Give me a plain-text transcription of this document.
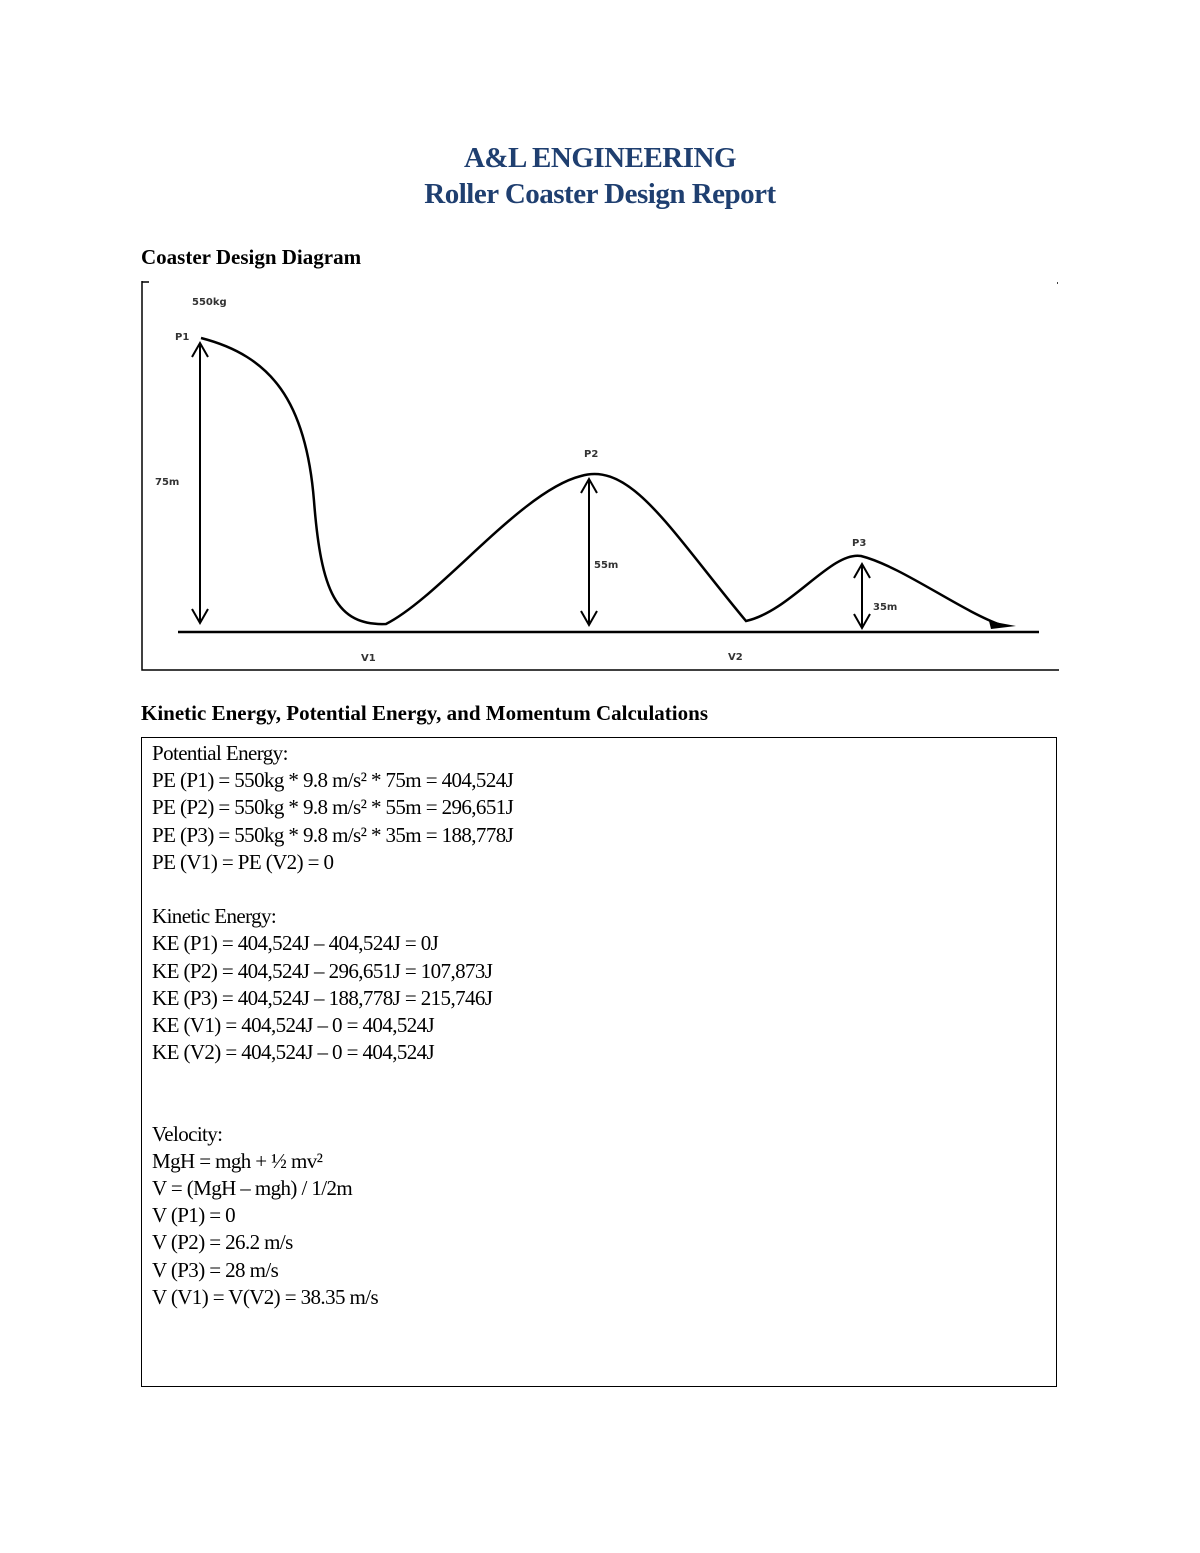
A&L ENGINEERING
Roller Coaster Design Report
Coaster Design Diagram
550kg
P1
P2
P3
75m
55m
35m
V1	V2
Kinetic Energy, Potential Energy, and Momentum Calculations
Potential Energy:
PE (P1) = 550kg * 9.8 m/s² * 75m = 404,524J
PE (P2) = 550kg * 9.8 m/s² * 55m = 296,651J
PE (P3) = 550kg * 9.8 m/s² * 35m = 188,778J
PE (V1) = PE (V2) = 0
Kinetic Energy:
KE (P1) = 404,524J – 404,524J = 0J
KE (P2) = 404,524J – 296,651J = 107,873J
KE (P3) = 404,524J – 188,778J = 215,746J
KE (V1) = 404,524J – 0 = 404,524J
KE (V2) = 404,524J – 0 = 404,524J
Velocity:
MgH = mgh + ½ mv²
V = (MgH – mgh) / 1/2m
V (P1) = 0
V (P2) = 26.2 m/s
V (P3) = 28 m/s
V (V1) = V(V2) = 38.35 m/s
